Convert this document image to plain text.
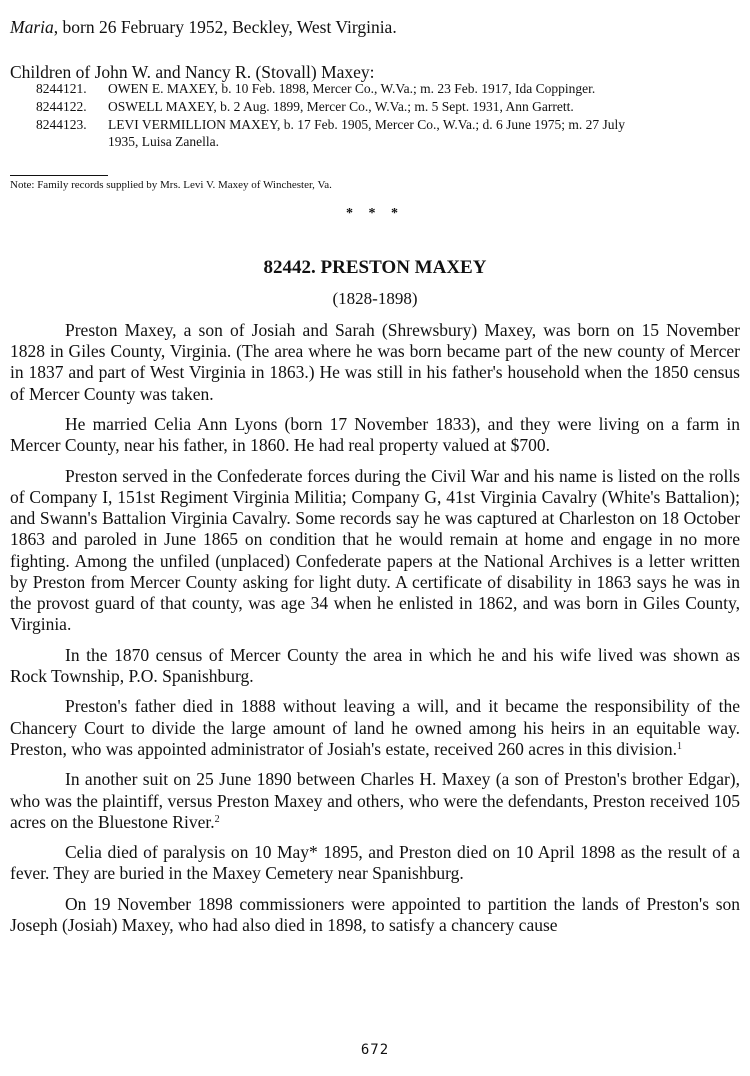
Maria, born 26 February 1952, Beckley, West Virginia.
Children of John W. and Nancy R. (Stovall) Maxey:
8244121. OWEN E. MAXEY, b. 10 Feb. 1898, Mercer Co., W.Va.; m. 23 Feb. 1917, Ida Coppinger.
8244122. OSWELL MAXEY, b. 2 Aug. 1899, Mercer Co., W.Va.; m. 5 Sept. 1931, Ann Garrett.
8244123. LEVI VERMILLION MAXEY, b. 17 Feb. 1905, Mercer Co., W.Va.; d. 6 June 1975; m. 27 July
1935, Luisa Zanella.
Note: Family records supplied by Mrs. Levi V. Maxey of Winchester, Va.
* * *
82442. PRESTON MAXEY
(1828-1898)

Preston Maxey, a son of Josiah and Sarah (Shrewsbury) Maxey, was born on 15 November 1828 in Giles County, Virginia. (The area where he was born became part of the new county of Mercer in 1837 and part of West Virginia in 1863.) He was still in his father's household when the 1850 census of Mercer County was taken.

He married Celia Ann Lyons (born 17 November 1833), and they were living on a farm in Mercer County, near his father, in 1860. He had real property valued at $700.

Preston served in the Confederate forces during the Civil War and his name is listed on the rolls of Company I, 151st Regiment Virginia Militia; Company G, 41st Virginia Cavalry (White's Battalion); and Swann's Battalion Virginia Cavalry. Some records say he was captured at Charleston on 18 October 1863 and paroled in June 1865 on condition that he would remain at home and engage in no more fighting. Among the unfiled (unplaced) Confederate papers at the National Archives is a letter written by Preston from Mercer County asking for light duty. A certificate of disability in 1863 says he was in the provost guard of that county, was age 34 when he enlisted in 1862, and was born in Giles County, Virginia.

In the 1870 census of Mercer County the area in which he and his wife lived was shown as Rock Township, P.O. Spanishburg.

Preston's father died in 1888 without leaving a will, and it became the responsibility of the Chancery Court to divide the large amount of land he owned among his heirs in an equitable way. Preston, who was appointed administrator of Josiah's estate, received 260 acres in this division.$^1$

In another suit on 25 June 1890 between Charles H. Maxey (a son of Preston's brother Edgar), who was the plaintiff, versus Preston Maxey and others, who were the defendants, Preston received 105 acres on the Bluestone River.$^2$

Celia died of paralysis on 10 May* 1895, and Preston died on 10 April 1898 as the result of a fever. They are buried in the Maxey Cemetery near Spanishburg.

On 19 November 1898 commissioners were appointed to partition the lands of Preston's son Joseph (Josiah) Maxey, who had also died in 1898, to satisfy a chancery cause

672
